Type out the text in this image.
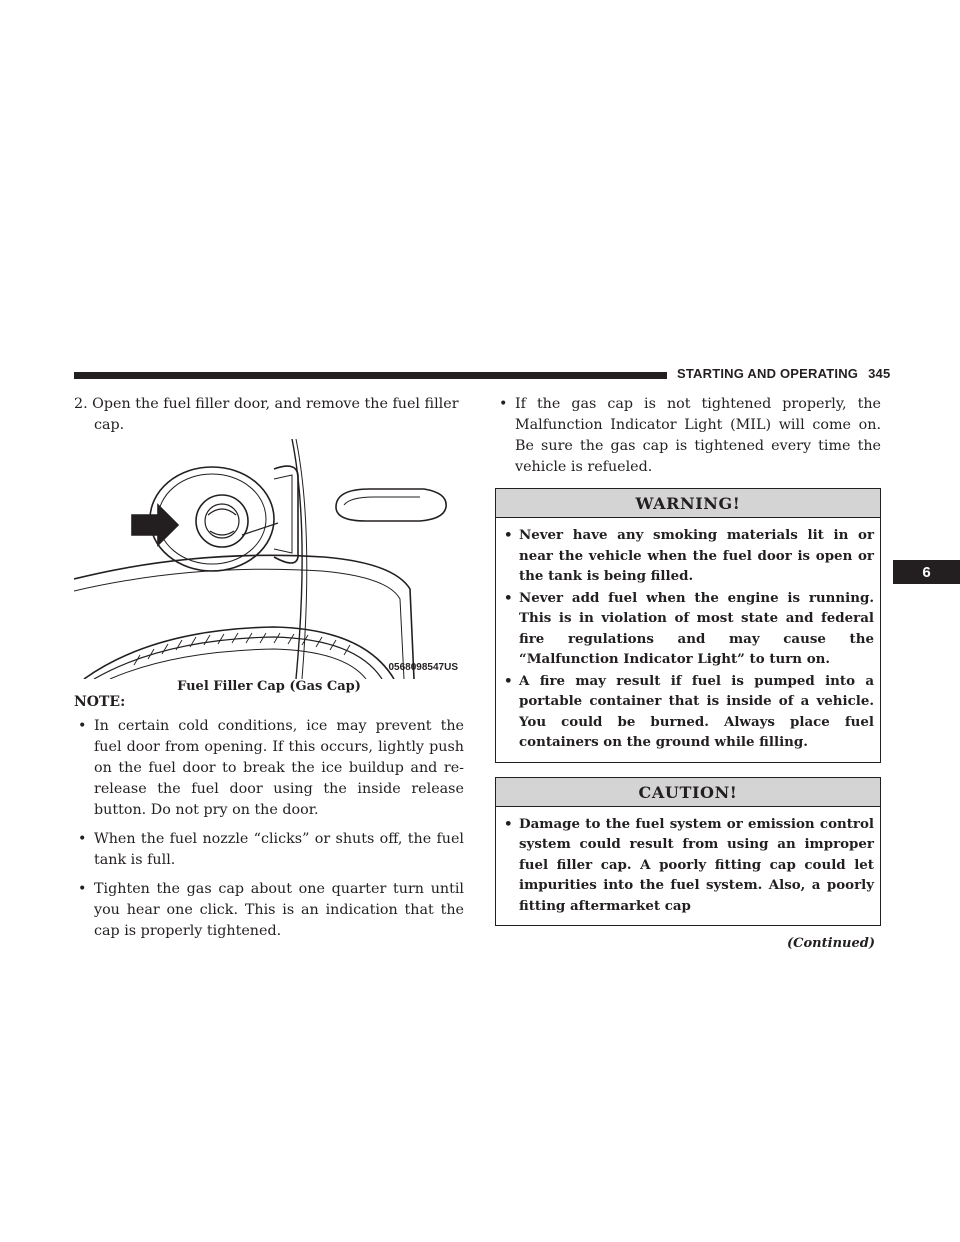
STARTING AND OPERATING 345
6

2. Open the fuel filler door, and remove the fuel filler cap.

0568098547US
Fuel Filler Cap (Gas Cap)
NOTE:
• In certain cold conditions, ice may prevent the fuel door from opening. If this occurs, lightly push on the fuel door to break the ice buildup and re-release the fuel door using the inside release button. Do not pry on the door.
• When the fuel nozzle “clicks” or shuts off, the fuel tank is full.
• Tighten the gas cap about one quarter turn until you hear one click. This is an indication that the cap is properly tightened.
• If the gas cap is not tightened properly, the Malfunction Indicator Light (MIL) will come on. Be sure the gas cap is tightened every time the vehicle is refueled.
WARNING!
• Never have any smoking materials lit in or near the vehicle when the fuel door is open or the tank is being filled.
• Never add fuel when the engine is running. This is in violation of most state and federal fire regulations and may cause the “Malfunction Indicator Light” to turn on.
• A fire may result if fuel is pumped into a portable container that is inside of a vehicle. You could be burned. Always place fuel containers on the ground while filling.
CAUTION!
• Damage to the fuel system or emission control system could result from using an improper fuel filler cap. A poorly fitting cap could let impurities into the fuel system. Also, a poorly fitting aftermarket cap
(Continued)
